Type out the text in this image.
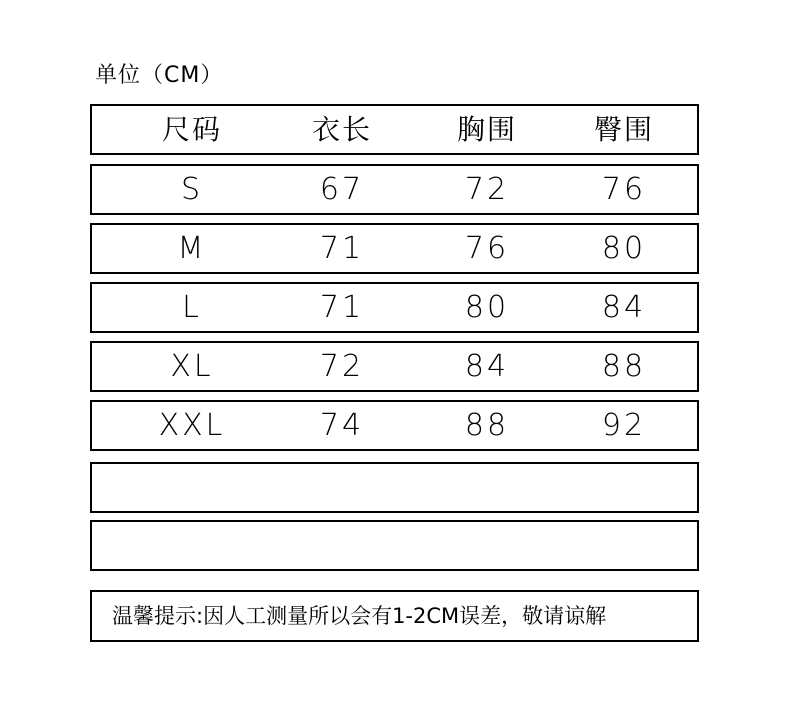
单位（CM）
尺码	衣长	胸围	臀围
S	67	72	76
M	71	76	80
L	71	80	84
XL	72	84	88
XXL	74	88	92
温馨提示:因人工测量所以会有1-2CM误差，敬请谅解
